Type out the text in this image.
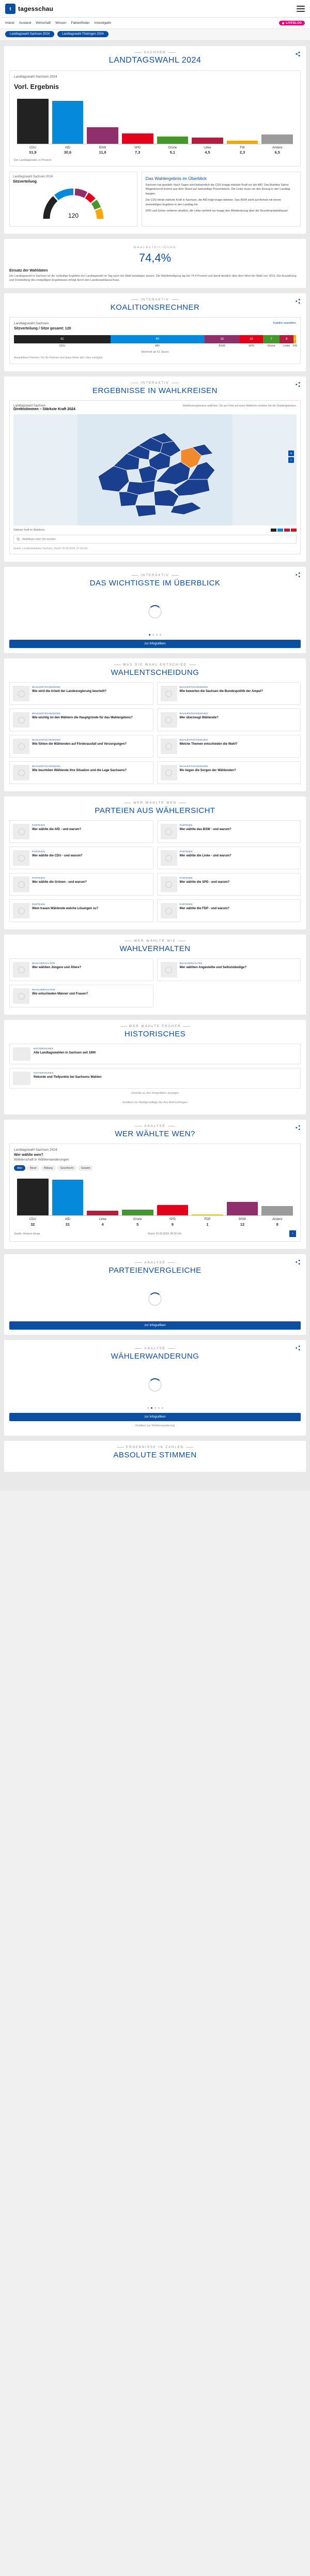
t	tagesschau
Inland Ausland Wirtschaft Wissen Faktenfinder Investigativ	LIVEBLOG
Landtagswahl Sachsen 2024	Landtagswahl Thüringen 2024
SACHSEN
LANDTAGSWAHL 2024
Landtagswahl Sachsen 2024
Vorl. Ergebnis
CDU
31,9
AfD
30,6
BSW
11,8
SPD
7,3
Grüne
5,1
Linke
4,5
FW
2,3
Andere
6,5
Der Landtagswahl, in Prozent
Landtagswahl Sachsen 2024
Sitzverteilung
120
Das Wahlergebnis im Überblick

Sachsen hat gewählt: Nach Tagen wird bekanntlich die CDU knapp stärkste Kraft vor der AfD. Das Bündnis Sahra Wagenknecht kommt aus dem Stand auf zweistellige Prozentwerte. Die Linke muss um den Einzug in den Landtag bangen.

Die CDU bleibt stärkste Kraft in Sachsen, die AfD folgt knapp dahinter. Das BSW zieht auf Anhieb mit einem zweistelligen Ergebnis in den Landtag ein.

SPD und Grüne verlieren deutlich, die Linke verfehlt nur knapp den Wiedereinzug über die Grundmandatsklausel.

WAHLBETEILIGUNG
74,4%
Einsatz der Wahldaten
Die Landtagswahl in Sachsen ist die vorläufige Ergebnis der Landtagswahl im Tag nach der Wahl bestätigen lassen. Die Wahlbeteiligung lag bei 74,4 Prozent und damit deutlich über dem Wert der Wahl von 2019. Die Auszählung und Feststellung des endgültigen Ergebnisses erfolgt durch den Landeswahlausschuss.
INTERAKTIV
KOALITIONSRECHNER
Landtagswahl Sachsen
Sitzverteilung / Sitze gesamt: 120
Koalition auswählen
41	40	15	10	7	6	1
CDU	AfD	BSW	SPD	Grüne	Linke FW
Mehrheit ab 61 Sitzen
Auswählbare Parteien: Für die Parteien sind dabei Werte aller Sitze verfügbar.
INTERAKTIV
ERGEBNISSE IN WAHLKREISEN
Landtagswahl Sachsen
Direktstimmen – Stärkste Kraft 2024
Wahlkreisergebnisse anklicken: Die per Klick auf einen Wahlkreis erhalten Sie die Detailergebnisse.
+
−
Stärkste Kraft im Wahlkreis
Wahlkreis oder Ort suchen
Quelle: Landeswahlleiter Sachsen, Stand: 02.09.2024, 07:35 Uhr
INTERAKTIV
DAS WICHTIGSTE IM ÜBERBLICK
zur Infografiken
WAS DIE WAHL ENTSCHIED
WAHLENTSCHEIDUNG
WAHLENTSCHEIDUNG
Wie wird die Arbeit der Landesregierung beurteilt?
WAHLENTSCHEIDUNG
Wie bewerten die Sachsen die Bundespolitik der Ampel?
WAHLENTSCHEIDUNG
Wie wichtig ist den Wählern die Hauptgründe für das Wahlergebnis?
WAHLENTSCHEIDUNG
Wer überzeugt Wählende?
WAHLENTSCHEIDUNG
Wie fühlen die Wählenden auf Förderausfall und Versorgungen?
WAHLENTSCHEIDUNG
Welche Themen entschieden die Wahl?
WAHLENTSCHEIDUNG
Wie beurteilen Wählende ihre Situation und die Lage Sachsens?
WAHLENTSCHEIDUNG
Wo liegen die Sorgen der Wählenden?
WER WÄHLTE WEN
PARTEIEN AUS WÄHLERSICHT
PARTEIEN
Wer wählte die AfD - und warum?
PARTEIEN
Wer wählte das BSW - und warum?
PARTEIEN
Wer wählte die CDU - und warum?
PARTEIEN
Wer wählte die Linke - und warum?
PARTEIEN
Wer wählte die Grünen - und warum?
PARTEIEN
Wer wählte die SPD - und warum?
PARTEIEN
Wem trauen Wählende welche Lösungen zu?
PARTEIEN
Wer wählte die FDP - und warum?
WER WÄHLTE WIE
WAHLVERHALTEN
WAHLVERHALTEN
Wer wählten Jüngere und Ältere?
WAHLVERHALTEN
Wer wählten Angestellte und Selbstständige?
WAHLVERHALTEN
Wie entschieden Männer und Frauen?
WER WÄHLTE FRÜHER
HISTORISCHES
HISTORISCHES
Alle Landtagswahlen in Sachsen seit 1990
HISTORISCHES
Rekorde und Tiefpunkte bei Sachsens Wahlen
Ortsteile zu den Infografiken anzeigen
Grafiken zur Wahlgrundlage der Aus-Roll-Umfragen
ANALYSE
WER WÄHLTE WEN?
Landtagswahl Sachsen 2024
Wer wählte wen?
Wählerschaft in Wählerwanderungen
Alter	Beruf	Bildung	Geschlecht	Gesamt
CDU
32
AfD
31
Linke
4
Grüne
5
SPD
9
FDP
1
BSW
12
Andere
8
Quelle: Infratest dimap	Stand: 02.09.2024, 08:30 Uhr	›
ANALYSE
PARTEIENVERGLEICHE
zur Infografiken
ANALYSE
WÄHLERWANDERUNG
zur Infografiken
Grafiken zur Wählerwanderung
ERGEBNISSE IN ZAHLEN
ABSOLUTE STIMMEN
